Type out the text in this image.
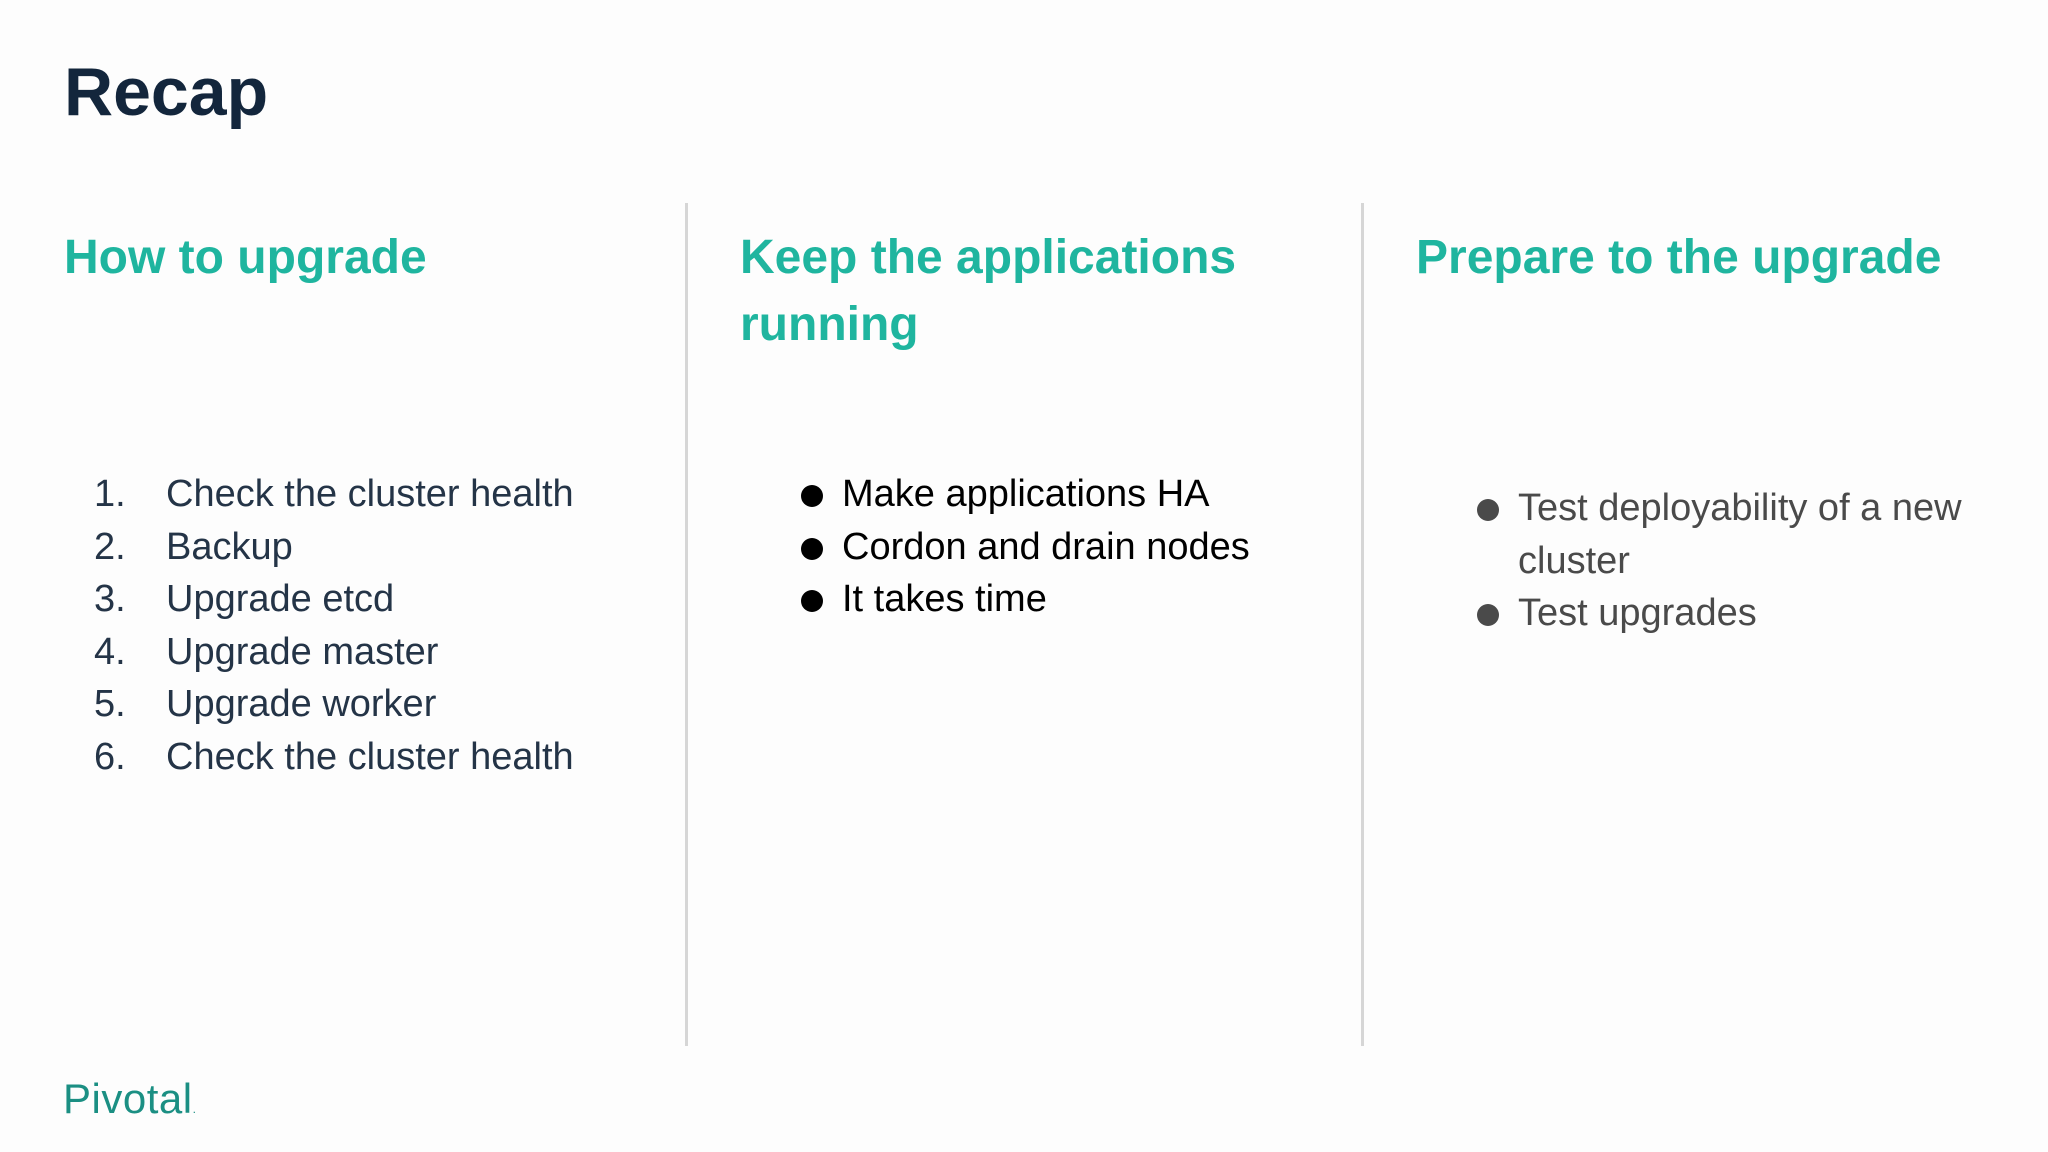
Recap
How to upgrade
1. Check the cluster health
2. Backup
3. Upgrade etcd
4. Upgrade master
5. Upgrade worker
6. Check the cluster health
Keep the applications running
Make applications HA
Cordon and drain nodes
It takes time
Prepare to the upgrade
Test deployability of a new cluster
Test upgrades
Pivotal.
